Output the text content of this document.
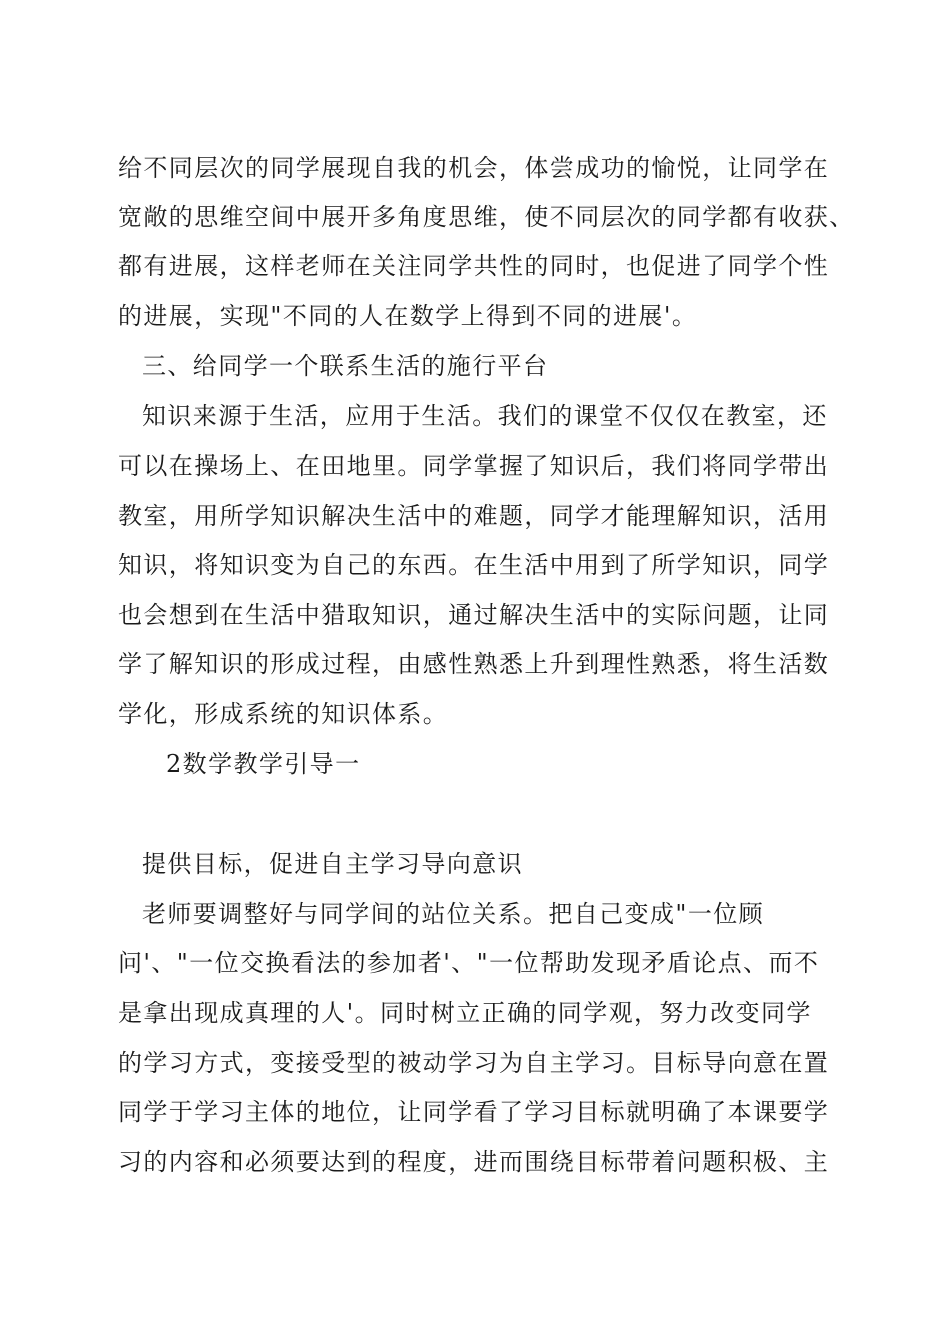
给不同层次的同学展现自我的机会，体尝成功的愉悦，让同学在
宽敞的思维空间中展开多角度思维，使不同层次的同学都有收获、
都有进展，这样老师在关注同学共性的同时，也促进了同学个性
的进展，实现"不同的人在数学上得到不同的进展'。
三、给同学一个联系生活的施行平台
知识来源于生活，应用于生活。我们的课堂不仅仅在教室，还
可以在操场上、在田地里。同学掌握了知识后，我们将同学带出
教室，用所学知识解决生活中的难题，同学才能理解知识，活用
知识，将知识变为自己的东西。在生活中用到了所学知识，同学
也会想到在生活中猎取知识，通过解决生活中的实际问题，让同
学了解知识的形成过程，由感性熟悉上升到理性熟悉，将生活数
学化，形成系统的知识体系。
2数学教学引导一
提供目标，促进自主学习导向意识
老师要调整好与同学间的站位关系。把自己变成"一位顾
问'、"一位交换看法的参加者'、"一位帮助发现矛盾论点、而不
是拿出现成真理的人'。同时树立正确的同学观，努力改变同学
的学习方式，变接受型的被动学习为自主学习。目标导向意在置
同学于学习主体的地位，让同学看了学习目标就明确了本课要学
习的内容和必须要达到的程度，进而围绕目标带着问题积极、主
